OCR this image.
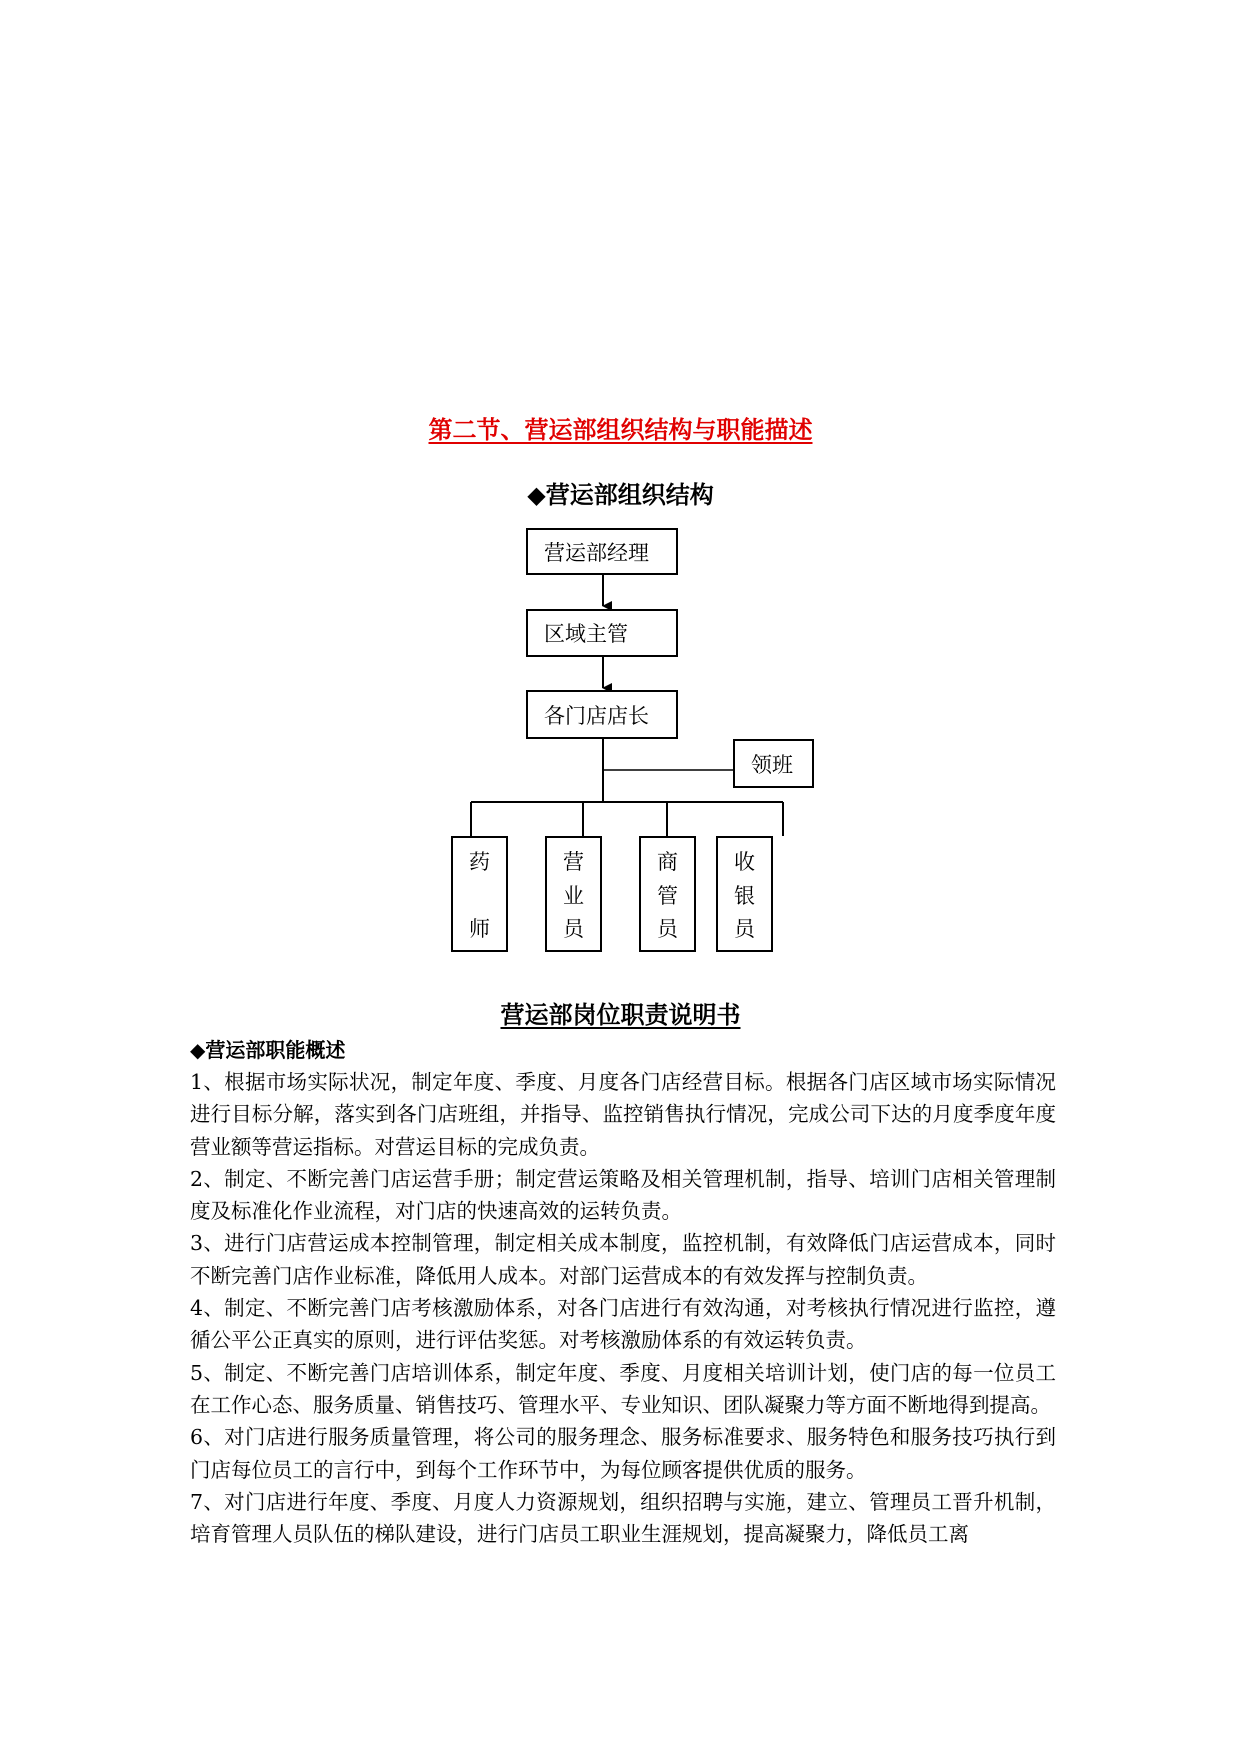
第二节、营运部组织结构与职能描述
◆营运部组织结构
营运部经理
区域主管
各门店店长
领班
药
师
营
业
员
商
管
员
收
银
员
营运部岗位职责说明书
◆营运部职能概述

1、根据市场实际状况，制定年度、季度、月度各门店经营目标。根据各门店区域市场实际情况进行目标分解，落实到各门店班组，并指导、监控销售执行情况，完成公司下达的月度季度年度营业额等营运指标。对营运目标的完成负责。

2、制定、不断完善门店运营手册；制定营运策略及相关管理机制，指导、培训门店相关管理制度及标准化作业流程，对门店的快速高效的运转负责。

3、进行门店营运成本控制管理，制定相关成本制度，监控机制，有效降低门店运营成本，同时不断完善门店作业标准，降低用人成本。对部门运营成本的有效发挥与控制负责。

4、制定、不断完善门店考核激励体系，对各门店进行有效沟通，对考核执行情况进行监控，遵循公平公正真实的原则，进行评估奖惩。对考核激励体系的有效运转负责。

5、制定、不断完善门店培训体系，制定年度、季度、月度相关培训计划，使门店的每一位员工在工作心态、服务质量、销售技巧、管理水平、专业知识、团队凝聚力等方面不断地得到提高。

6、对门店进行服务质量管理，将公司的服务理念、服务标准要求、服务特色和服务技巧执行到门店每位员工的言行中，到每个工作环节中，为每位顾客提供优质的服务。

7、对门店进行年度、季度、月度人力资源规划，组织招聘与实施，建立、管理员工晋升机制，培育管理人员队伍的梯队建设，进行门店员工职业生涯规划，提高凝聚力，降低员工离
